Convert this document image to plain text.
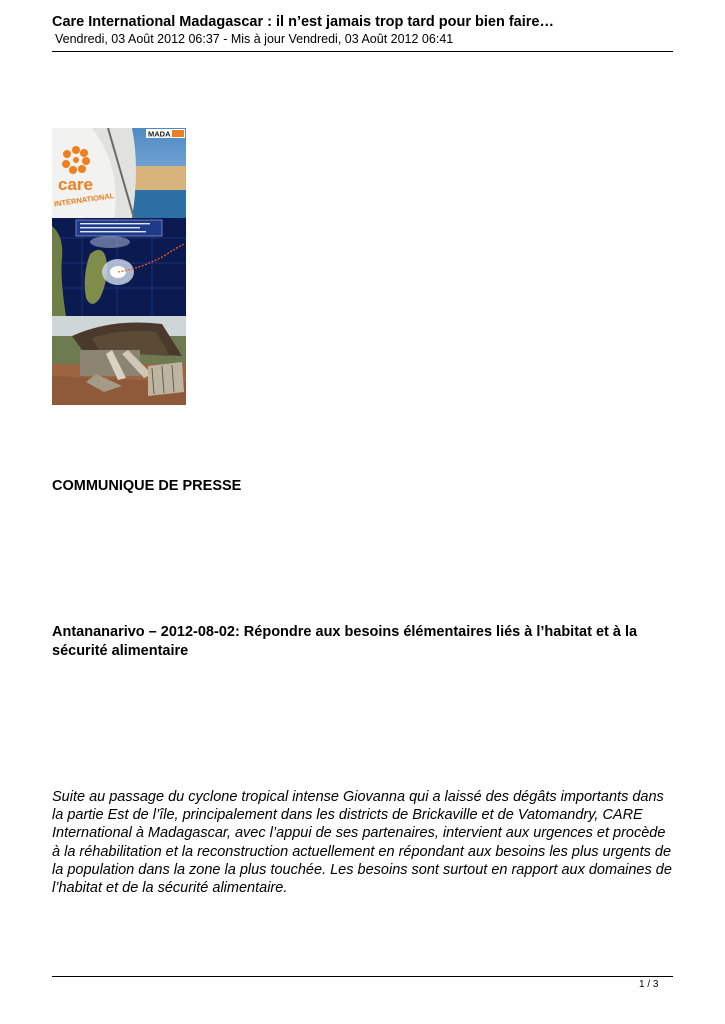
Care International Madagascar : il n’est jamais trop tard pour bien faire…
Vendredi, 03 Août 2012 06:37 - Mis à jour Vendredi, 03 Août 2012 06:41
care
INTERNATIONAL
MADA
COMMUNIQUE DE PRESSE
Antananarivo – 2012-08-02: Répondre aux besoins élémentaires liés à l’habitat et à la sécurité alimentaire
Suite au passage du cyclone tropical intense Giovanna qui a laissé des dégâts importants dans la partie Est de l’île, principalement dans les districts de Brickaville et de Vatomandry, CARE International à Madagascar, avec l’appui de ses partenaires, intervient aux urgences et procède à la réhabilitation et la reconstruction actuellement en répondant aux besoins les plus urgents de la population dans la zone la plus touchée. Les besoins sont surtout en rapport aux domaines de l’habitat et de la sécurité alimentaire.
1 / 3
